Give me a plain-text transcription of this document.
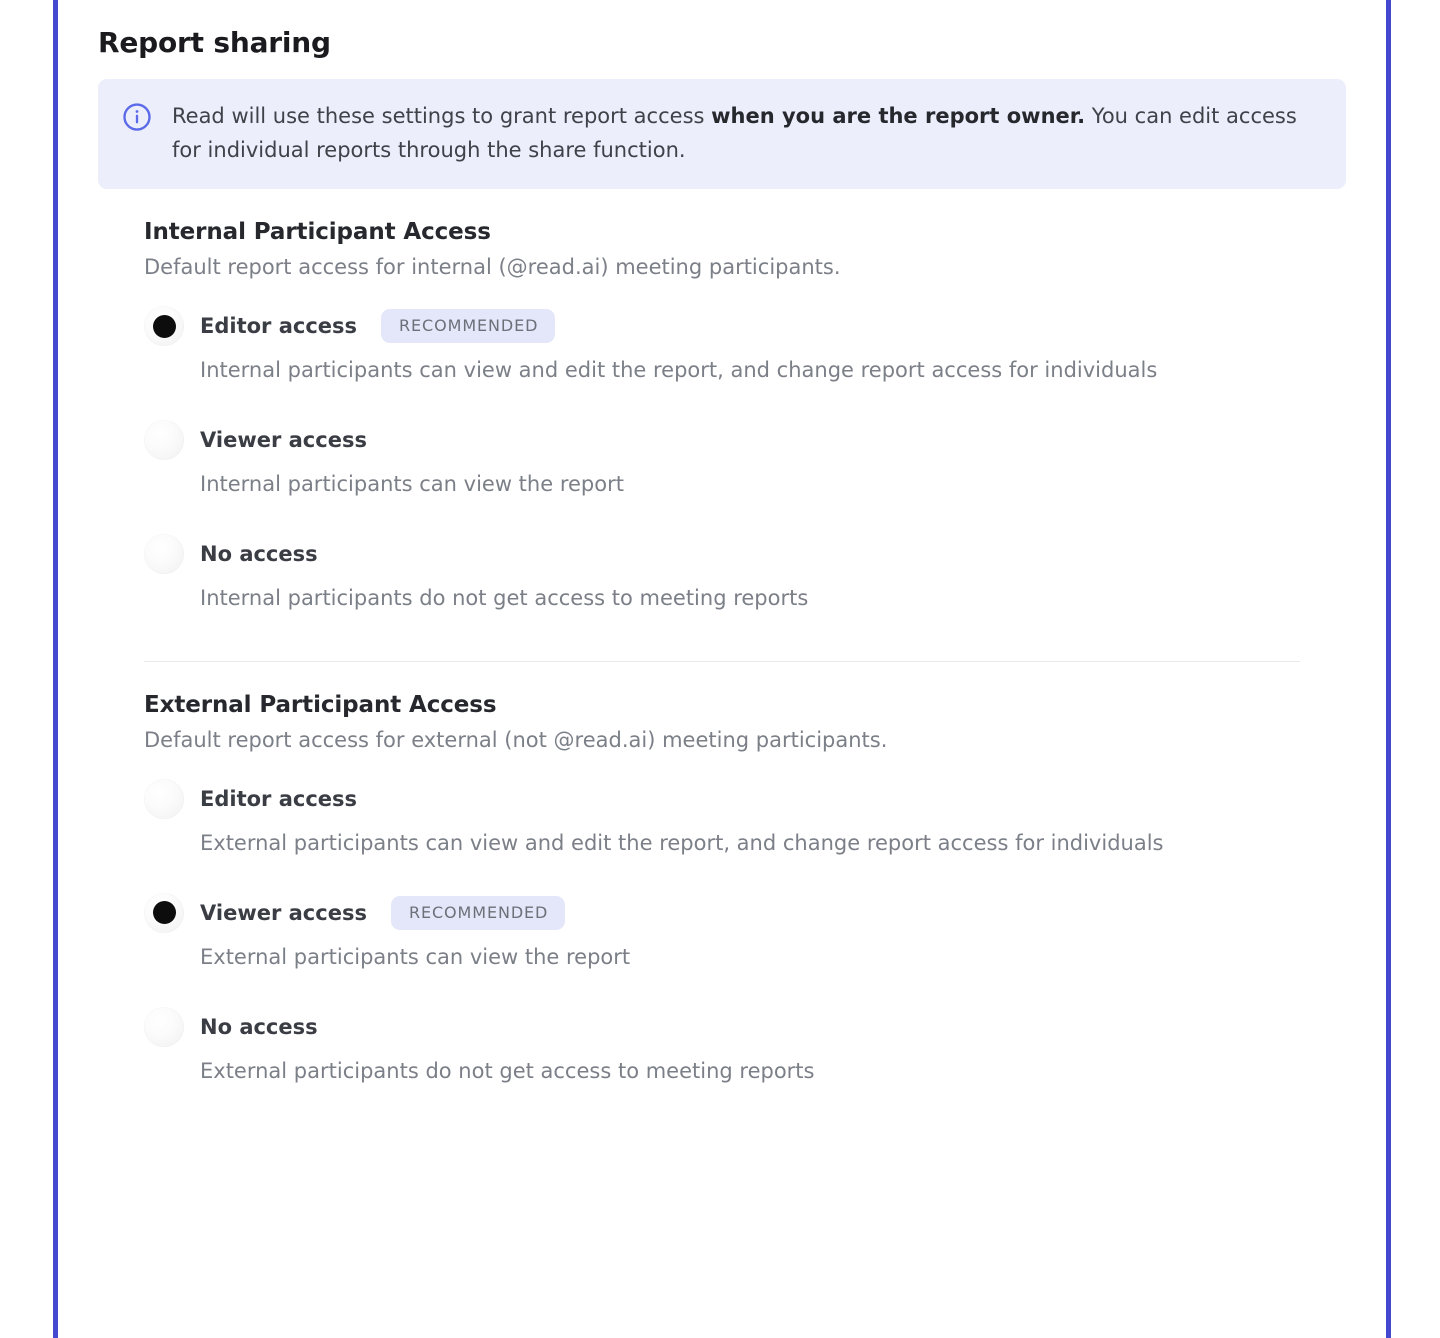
Report sharing
Read will use these settings to grant report access when you are the report owner. You can edit access for individual reports through the share function.
Internal Participant Access

Default report access for internal (@read.ai) meeting participants.

Editor access	RECOMMENDED
Internal participants can view and edit the report, and change report access for individuals
Viewer access
Internal participants can view the report
No access
Internal participants do not get access to meeting reports
External Participant Access

Default report access for external (not @read.ai) meeting participants.

Editor access
External participants can view and edit the report, and change report access for individuals
Viewer access	RECOMMENDED
External participants can view the report
No access
External participants do not get access to meeting reports
